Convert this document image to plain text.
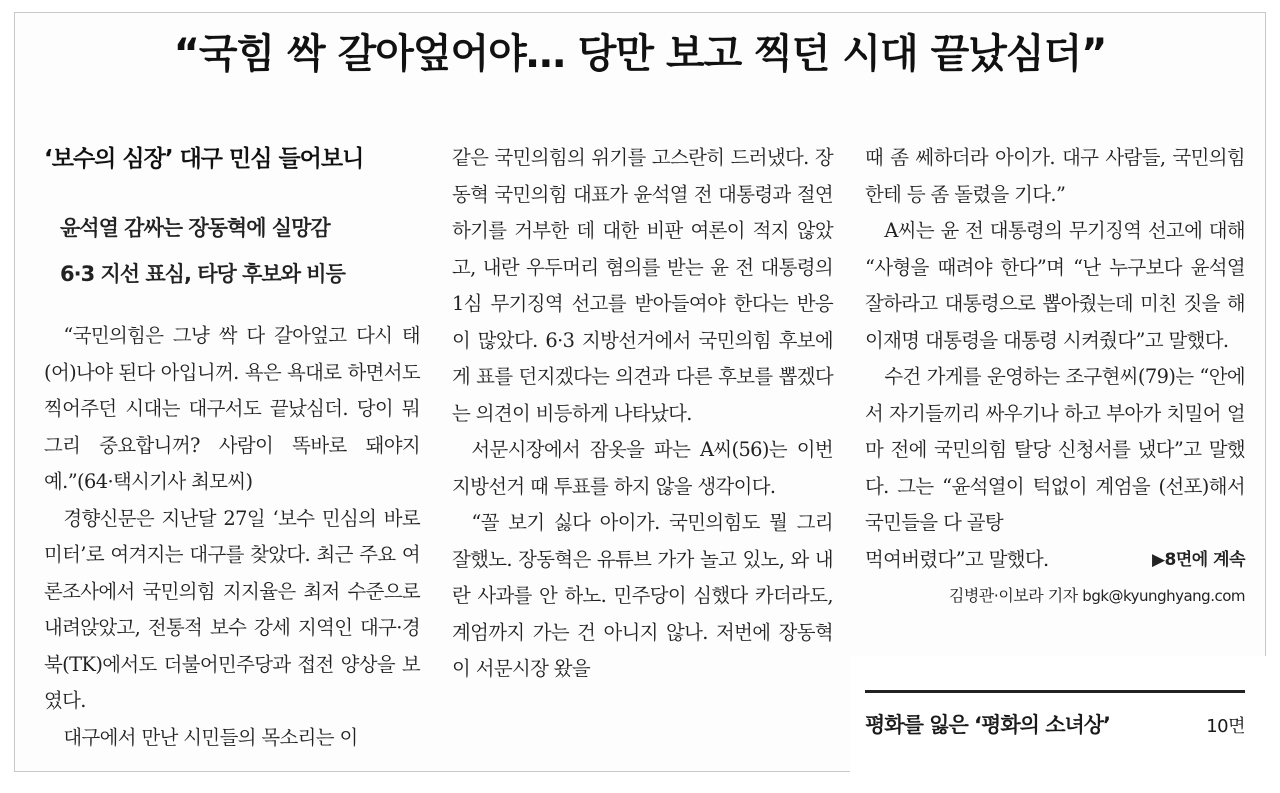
“국힘 싹 갈아엎어야… 당만 보고 찍던 시대 끝났심더”
‘보수의 심장’ 대구 민심 들어보니
윤석열 감싸는 장동혁에 실망감
6·3 지선 표심, 타당 후보와 비등

“국민의힘은 그냥 싹 다 갈아엎고 다시 태(어)나야 된다 아입니꺼. 욕은 욕대로 하면서도 찍어주던 시대는 대구서도 끝났심더. 당이 뭐 그리 중요합니꺼? 사람이 똑바로 돼야지예.”(64·택시기사 최모씨)

경향신문은 지난달 27일 ‘보수 민심의 바로미터’로 여겨지는 대구를 찾았다. 최근 주요 여론조사에서 국민의힘 지지율은 최저 수준으로 내려앉았고, 전통적 보수 강세 지역인 대구·경북(TK)에서도 더불어민주당과 접전 양상을 보였다.

대구에서 만난 시민들의 목소리는 이

같은 국민의힘의 위기를 고스란히 드러냈다. 장동혁 국민의힘 대표가 윤석열 전 대통령과 절연하기를 거부한 데 대한 비판 여론이 적지 않았고, 내란 우두머리 혐의를 받는 윤 전 대통령의 1심 무기징역 선고를 받아들여야 한다는 반응이 많았다. 6·3 지방선거에서 국민의힘 후보에게 표를 던지겠다는 의견과 다른 후보를 뽑겠다는 의견이 비등하게 나타났다.

서문시장에서 잠옷을 파는 A씨(56)는 이번 지방선거 때 투표를 하지 않을 생각이다.

“꼴 보기 싫다 아이가. 국민의힘도 뭘 그리 잘했노. 장동혁은 유튜브 가가 놀고 있노, 와 내란 사과를 안 하노. 민주당이 심했다 카더라도, 계엄까지 가는 건 아니지 않나. 저번에 장동혁이 서문시장 왔을

때 좀 쎄하더라 아이가. 대구 사람들, 국민의힘한테 등 좀 돌렸을 기다.”

A씨는 윤 전 대통령의 무기징역 선고에 대해 “사형을 때려야 한다”며 “난 누구보다 윤석열 잘하라고 대통령으로 뽑아줬는데 미친 짓을 해 이재명 대통령을 대통령 시켜줬다”고 말했다.

수건 가게를 운영하는 조구현씨(79)는 “안에서 자기들끼리 싸우기나 하고 부아가 치밀어 얼마 전에 국민의힘 탈당 신청서를 냈다”고 말했다. 그는 “윤석열이 턱없이 계엄을 (선포)해서 국민들을 다 골탕

먹여버렸다”고 말했다.	▶8면에 계속
김병관·이보라 기자 bgk@kyunghyang.com
평화를 잃은 ‘평화의 소녀상’	10면
